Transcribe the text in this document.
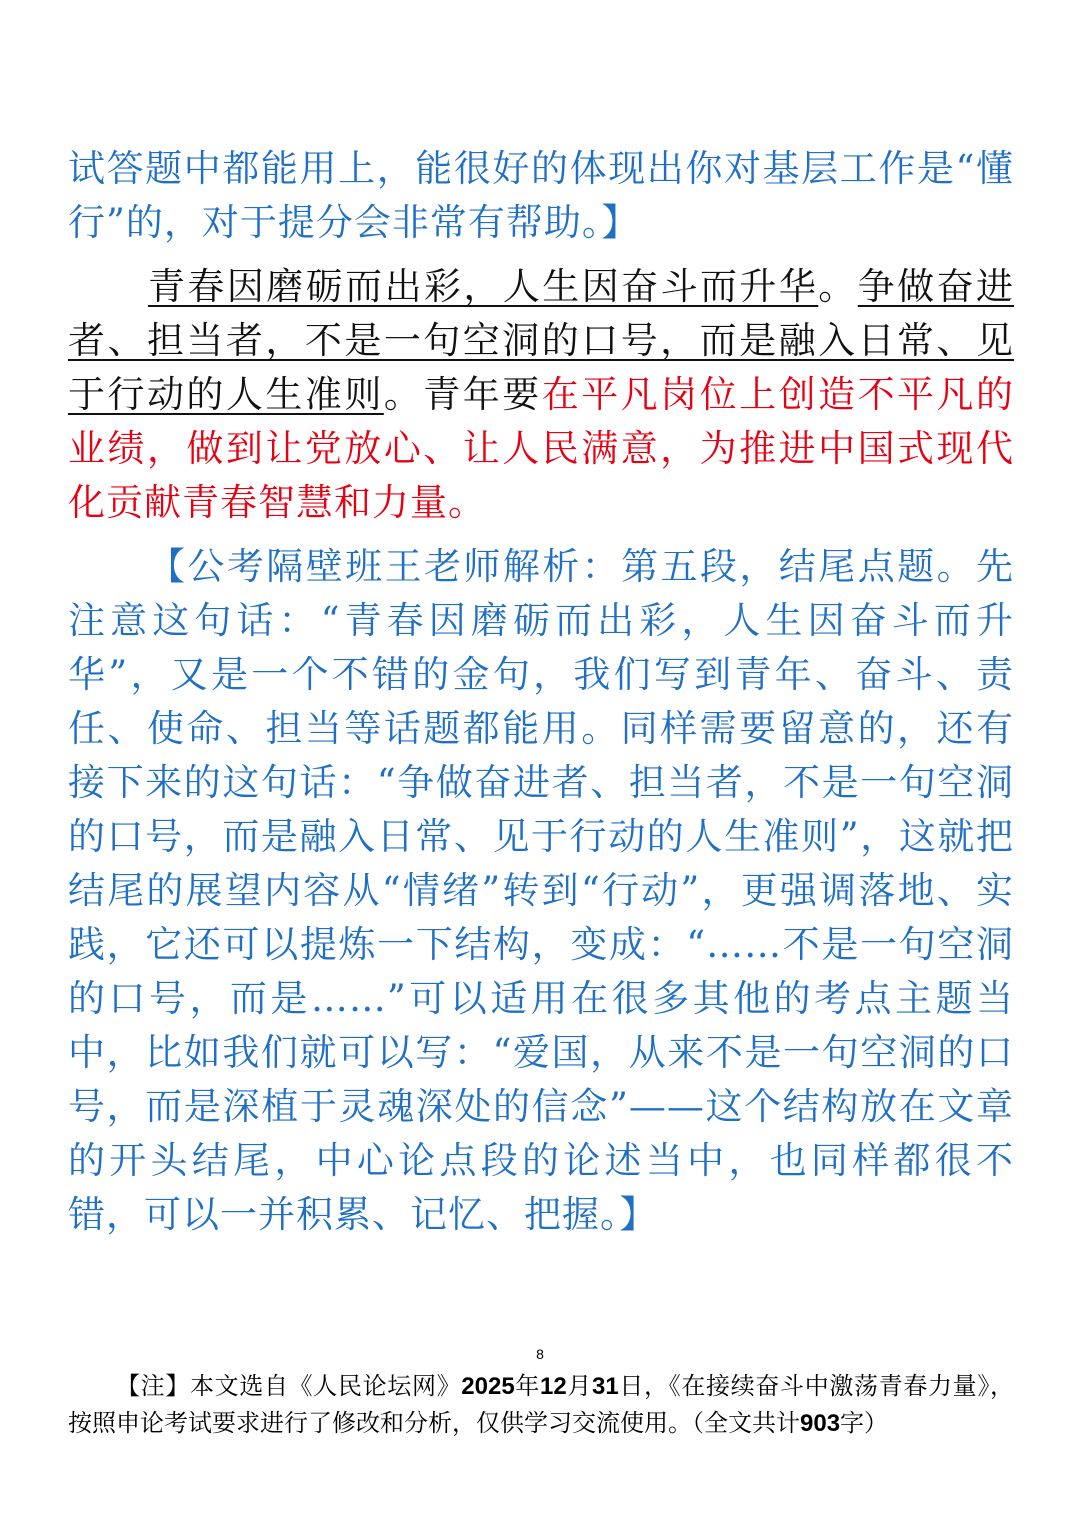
试答题中都能用上，能很好的体现出你对基层工作是“懂行”的，对于提分会非常有帮助。】

青春因磨砺而出彩，人生因奋斗而升华。争做奋进者、担当者，不是一句空洞的口号，而是融入日常、见于行动的人生准则。青年要在平凡岗位上创造不平凡的业绩，做到让党放心、让人民满意，为推进中国式现代化贡献青春智慧和力量。

【公考隔壁班王老师解析：第五段，结尾点题。先注意这句话：“青春因磨砺而出彩，人生因奋斗而升华”，又是一个不错的金句，我们写到青年、奋斗、责任、使命、担当等话题都能用。同样需要留意的，还有接下来的这句话：“争做奋进者、担当者，不是一句空洞的口号，而是融入日常、见于行动的人生准则”，这就把结尾的展望内容从“情绪”转到“行动”，更强调落地、实践，它还可以提炼一下结构，变成：“……不是一句空洞的口号，而是……”可以适用在很多其他的考点主题当中，比如我们就可以写：“爱国，从来不是一句空洞的口号，而是深植于灵魂深处的信念”——这个结构放在文章的开头结尾，中心论点段的论述当中，也同样都很不错，可以一并积累、记忆、把握。】

8
【注】本文选自《人民论坛网》2025年12月31日，《在接续奋斗中激荡青春力量》，按照申论考试要求进行了修改和分析，仅供学习交流使用。（全文共计903字）
